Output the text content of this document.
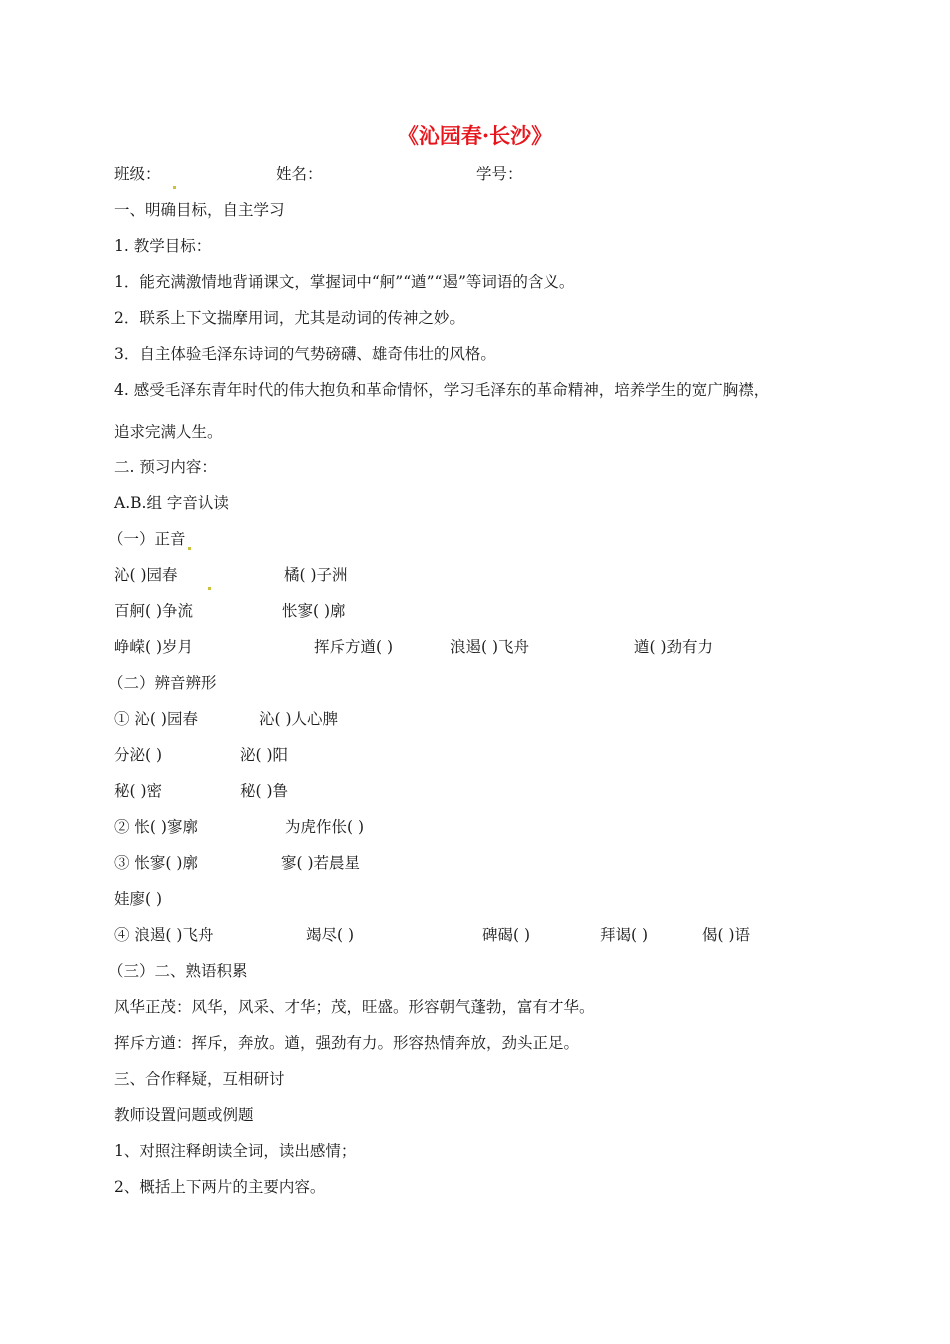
《沁园春·长沙》
班级：	姓名：	学号：
一、明确目标，自主学习
1. 教学目标：
1．能充满激情地背诵课文，掌握词中“舸”“遒”“遏”等词语的含义。
2．联系上下文揣摩用词，尤其是动词的传神之妙。
3．自主体验毛泽东诗词的气势磅礴、雄奇伟壮的风格。
4. 感受毛泽东青年时代的伟大抱负和革命情怀，学习毛泽东的革命精神，培养学生的宽广胸襟，
追求完满人生。
二. 预习内容：
A.B.组 字音认读
（一）正音
沁( )园春	橘( )子洲
百舸( )争流	怅寥( )廓
峥嵘( )岁月	挥斥方遒( )	浪遏( )飞舟	遒( )劲有力
（二）辨音辨形
① 沁( )园春	沁( )人心脾
分泌( )	泌( )阳
秘( )密	秘( )鲁
② 怅( )寥廓	为虎作伥( )
③ 怅寥( )廓	寥( )若晨星
娃廖( )
④ 浪遏( )飞舟	竭尽( )	碑碣( )	拜谒( )	偈( )语
（三）二、熟语积累
风华正茂：风华，风采、才华；茂，旺盛。形容朝气蓬勃，富有才华。
挥斥方遒：挥斥，奔放。遒，强劲有力。形容热情奔放，劲头正足。
三、合作释疑，互相研讨
教师设置问题或例题
1、对照注释朗读全词，读出感情；
2、概括上下两片的主要内容。
